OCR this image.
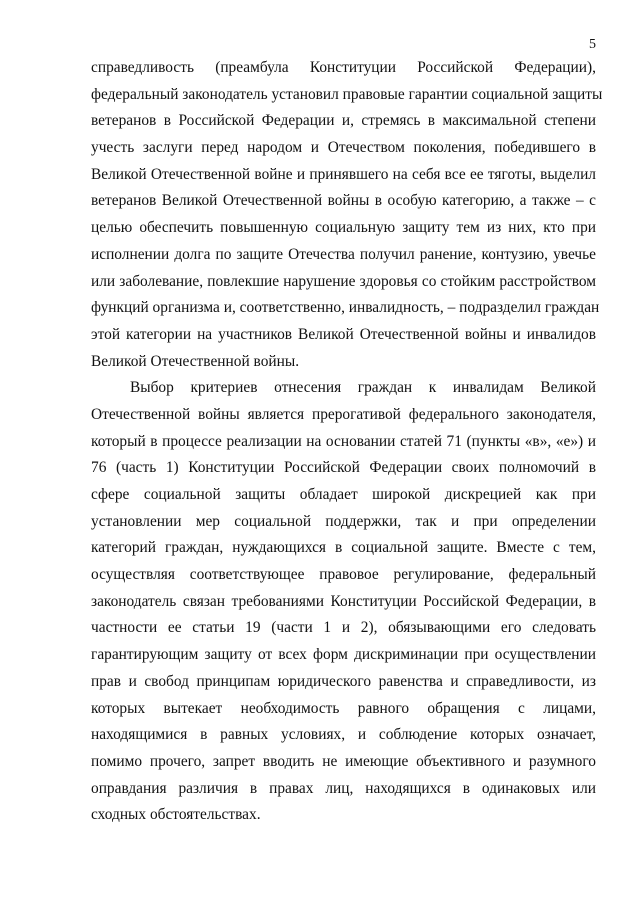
5
справедливость (преамбула Конституции Российской Федерации),
федеральный законодатель установил правовые гарантии социальной защиты
ветеранов в Российской Федерации и, стремясь в максимальной степени
учесть заслуги перед народом и Отечеством поколения, победившего в
Великой Отечественной войне и принявшего на себя все ее тяготы, выделил
ветеранов Великой Отечественной войны в особую категорию, а также – с
целью обеспечить повышенную социальную защиту тем из них, кто при
исполнении долга по защите Отечества получил ранение, контузию, увечье
или заболевание, повлекшие нарушение здоровья со стойким расстройством
функций организма и, соответственно, инвалидность, – подразделил граждан
этой категории на участников Великой Отечественной войны и инвалидов
Великой Отечественной войны.
Выбор критериев отнесения граждан к инвалидам Великой
Отечественной войны является прерогативой федерального законодателя,
который в процессе реализации на основании статей 71 (пункты «в», «е») и
76 (часть 1) Конституции Российской Федерации своих полномочий в
сфере социальной защиты обладает широкой дискрецией как при
установлении мер социальной поддержки, так и при определении
категорий граждан, нуждающихся в социальной защите. Вместе с тем,
осуществляя соответствующее правовое регулирование, федеральный
законодатель связан требованиями Конституции Российской Федерации, в
частности ее статьи 19 (части 1 и 2), обязывающими его следовать
гарантирующим защиту от всех форм дискриминации при осуществлении
прав и свобод принципам юридического равенства и справедливости, из
которых вытекает необходимость равного обращения с лицами,
находящимися в равных условиях, и соблюдение которых означает,
помимо прочего, запрет вводить не имеющие объективного и разумного
оправдания различия в правах лиц, находящихся в одинаковых или
сходных обстоятельствах.
